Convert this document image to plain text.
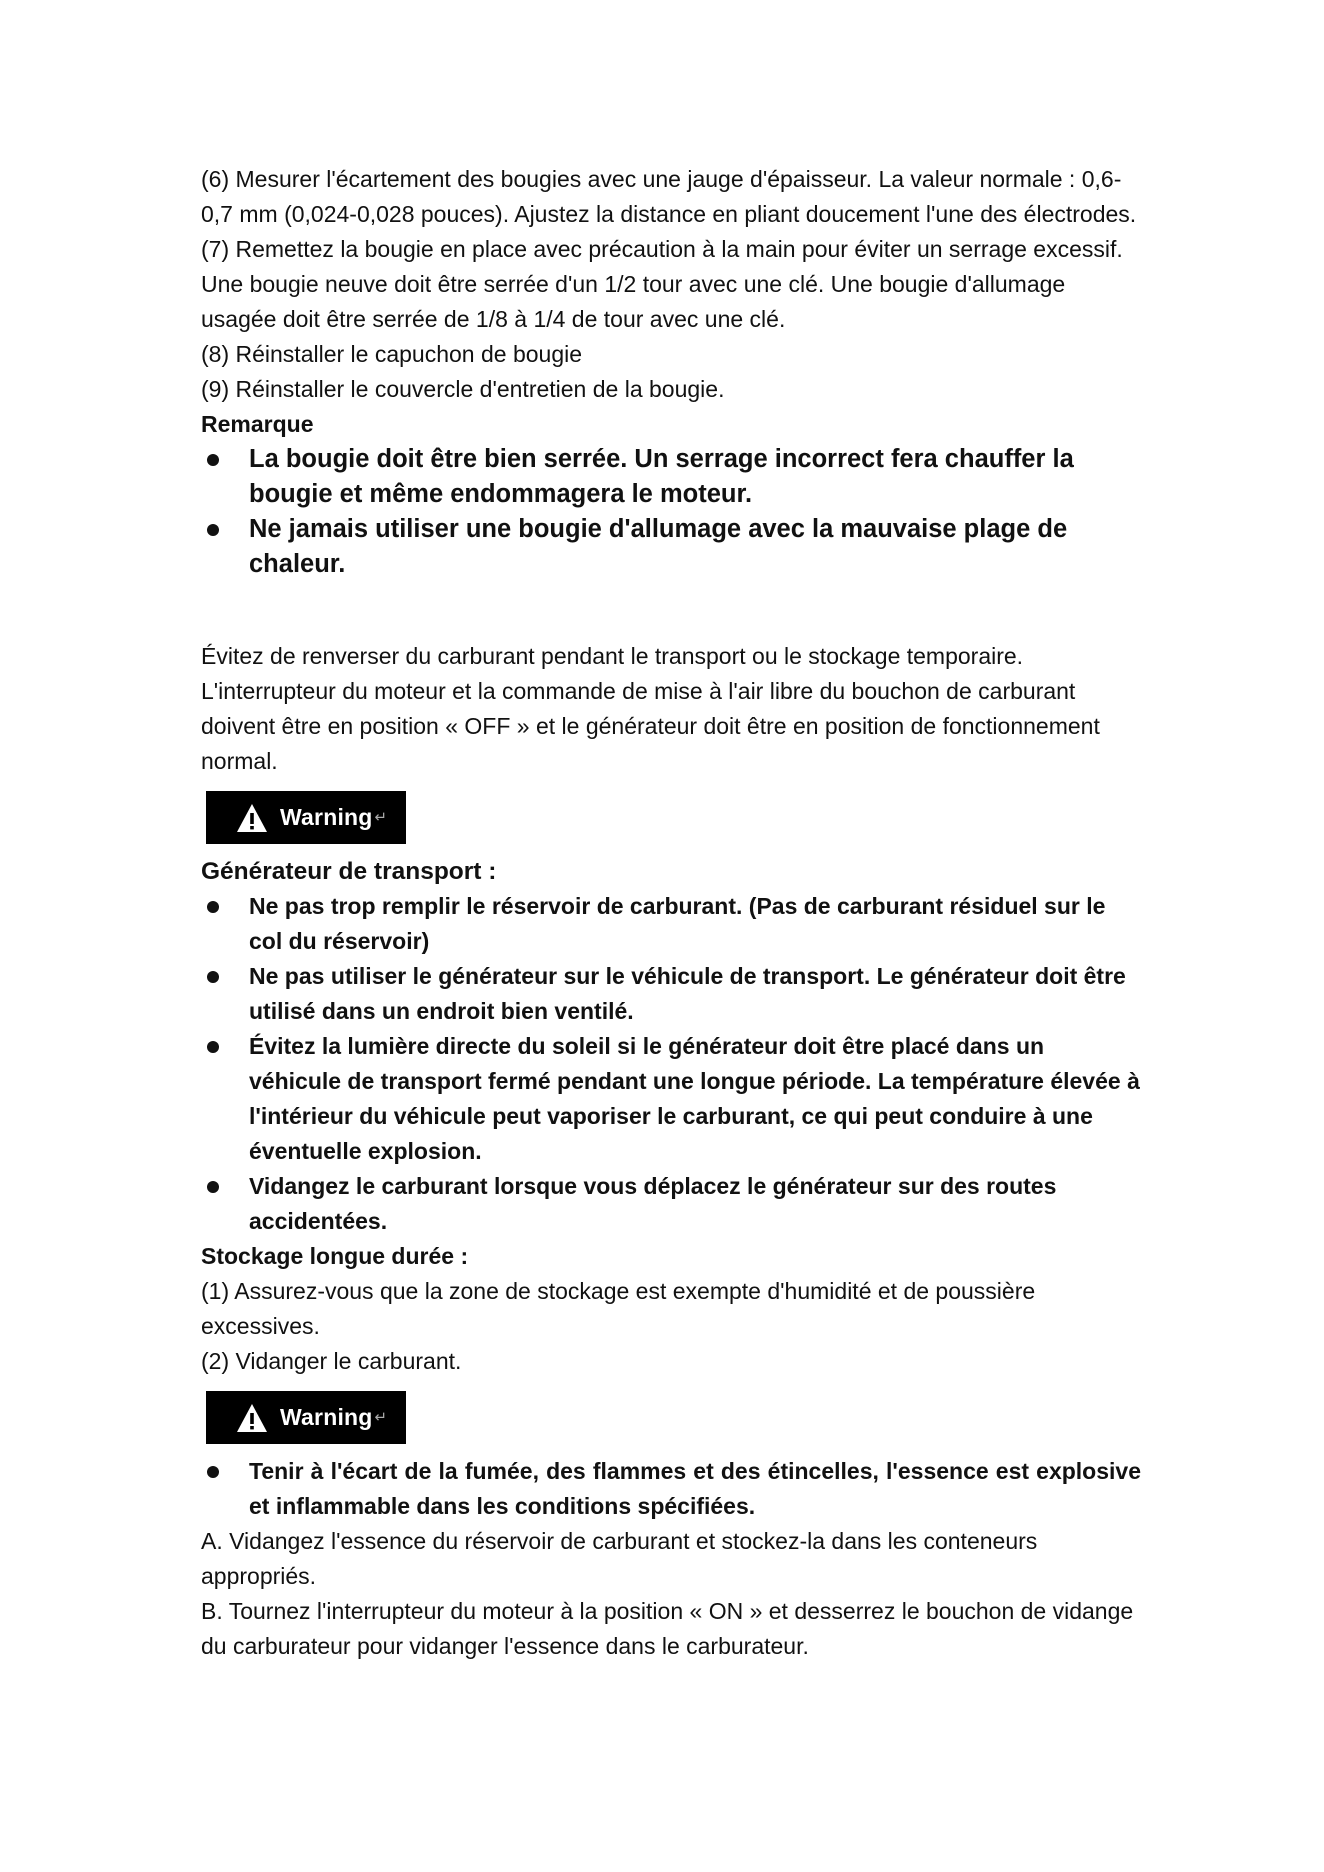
(6) Mesurer l'écartement des bougies avec une jauge d'épaisseur. La valeur normale : 0,6-0,7 mm (0,024-0,028 pouces). Ajustez la distance en pliant doucement l'une des électrodes.

(7) Remettez la bougie en place avec précaution à la main pour éviter un serrage excessif. Une bougie neuve doit être serrée d'un 1/2 tour avec une clé. Une bougie d'allumage usagée doit être serrée de 1/8 à 1/4 de tour avec une clé.

(8) Réinstaller le capuchon de bougie

(9) Réinstaller le couvercle d'entretien de la bougie.

Remarque

La bougie doit être bien serrée. Un serrage incorrect fera chauffer la bougie et même endommagera le moteur.
Ne jamais utiliser une bougie d'allumage avec la mauvaise plage de chaleur.

Évitez de renverser du carburant pendant le transport ou le stockage temporaire.

L'interrupteur du moteur et la commande de mise à l'air libre du bouchon de carburant doivent être en position « OFF » et le générateur doit être en position de fonctionnement normal.

Warning ↵

Générateur de transport :

Ne pas trop remplir le réservoir de carburant. (Pas de carburant résiduel sur le col du réservoir)
Ne pas utiliser le générateur sur le véhicule de transport. Le générateur doit être utilisé dans un endroit bien ventilé.
Évitez la lumière directe du soleil si le générateur doit être placé dans un véhicule de transport fermé pendant une longue période. La température élevée à l'intérieur du véhicule peut vaporiser le carburant, ce qui peut conduire à une éventuelle explosion.
Vidangez le carburant lorsque vous déplacez le générateur sur des routes accidentées.

Stockage longue durée :

(1) Assurez-vous que la zone de stockage est exempte d'humidité et de poussière excessives.

(2) Vidanger le carburant.

Warning ↵
Tenir à l'écart de la fumée, des flammes et des étincelles, l'essence est explosive et inflammable dans les conditions spécifiées.

A. Vidangez l'essence du réservoir de carburant et stockez-la dans les conteneurs appropriés.

B. Tournez l'interrupteur du moteur à la position « ON » et desserrez le bouchon de vidange du carburateur pour vidanger l'essence dans le carburateur.
